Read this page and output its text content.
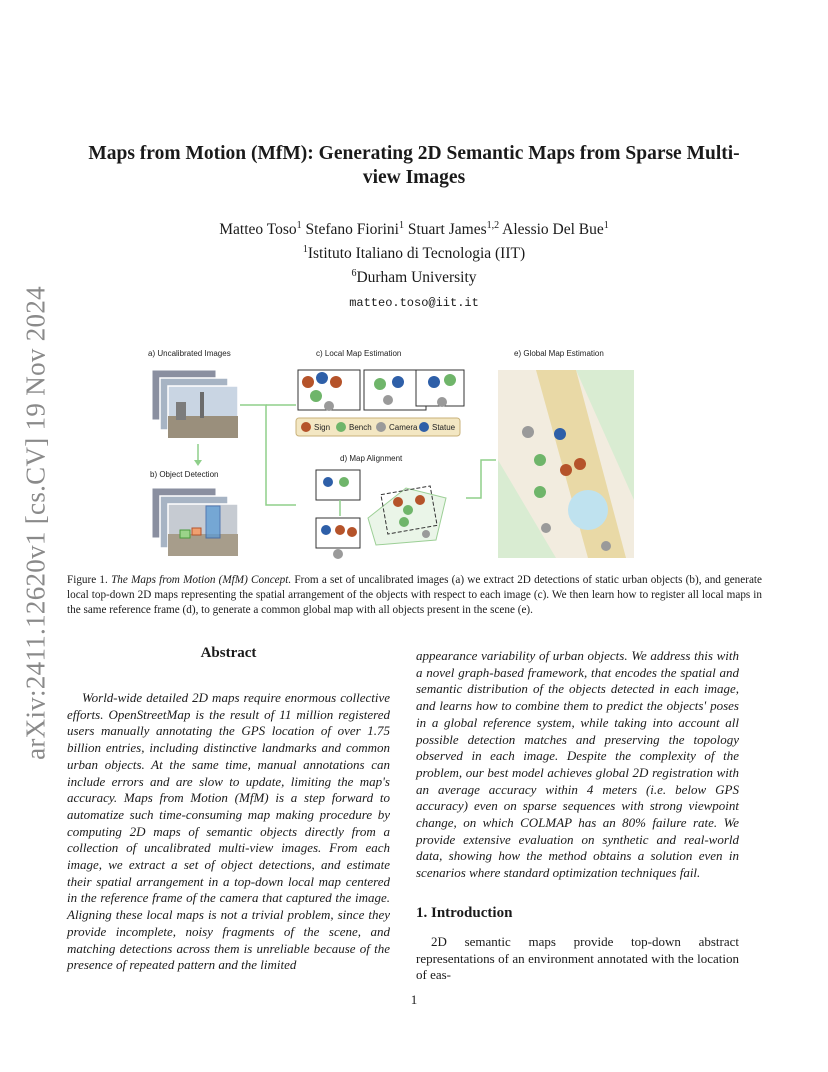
arXiv:2411.12620v1 [cs.CV] 19 Nov 2024
Maps from Motion (MfM): Generating 2D Semantic Maps from Sparse Multi-view Images
Matteo Toso$^1$ Stefano Fiorini$^1$ Stuart James$^{1,2}$ Alessio Del Bue$^1$
$^1$Istituto Italiano di Tecnologia (IIT)
$^6$Durham University
matteo.toso@iit.it
a) Uncalibrated Images	c) Local Map Estimation	e) Global Map Estimation
b) Object Detection
d) Map Alignment
Sign Bench Camera Statue
Figure 1. The Maps from Motion (MfM) Concept. From a set of uncalibrated images (a) we extract 2D detections of static urban objects (b), and generate local top-down 2D maps representing the spatial arrangement of the objects with respect to each image (c). We then learn how to register all local maps in the same reference frame (d), to generate a common global map with all objects present in the scene (e).
Abstract

World-wide detailed 2D maps require enormous collective efforts. OpenStreetMap is the result of 11 million registered users manually annotating the GPS location of over 1.75 billion entries, including distinctive landmarks and common urban objects. At the same time, manual annotations can include errors and are slow to update, limiting the map's accuracy. Maps from Motion (MfM) is a step forward to automatize such time-consuming map making procedure by computing 2D maps of semantic objects directly from a collection of uncalibrated multi-view images. From each image, we extract a set of object detections, and estimate their spatial arrangement in a top-down local map centered in the reference frame of the camera that captured the image. Aligning these local maps is not a trivial problem, since they provide incomplete, noisy fragments of the scene, and matching detections across them is unreliable because of the presence of repeated pattern and the limited

appearance variability of urban objects. We address this with a novel graph-based framework, that encodes the spatial and semantic distribution of the objects detected in each image, and learns how to combine them to predict the objects' poses in a global reference system, while taking into account all possible detection matches and preserving the topology observed in each image. Despite the complexity of the problem, our best model achieves global 2D registration with an average accuracy within 4 meters (i.e. below GPS accuracy) even on sparse sequences with strong viewpoint change, on which COLMAP has an 80% failure rate. We provide extensive evaluation on synthetic and real-world data, showing how the method obtains a solution even in scenarios where standard optimization techniques fail.

1. Introduction

2D semantic maps provide top-down abstract representations of an environment annotated with the location of eas-

1
